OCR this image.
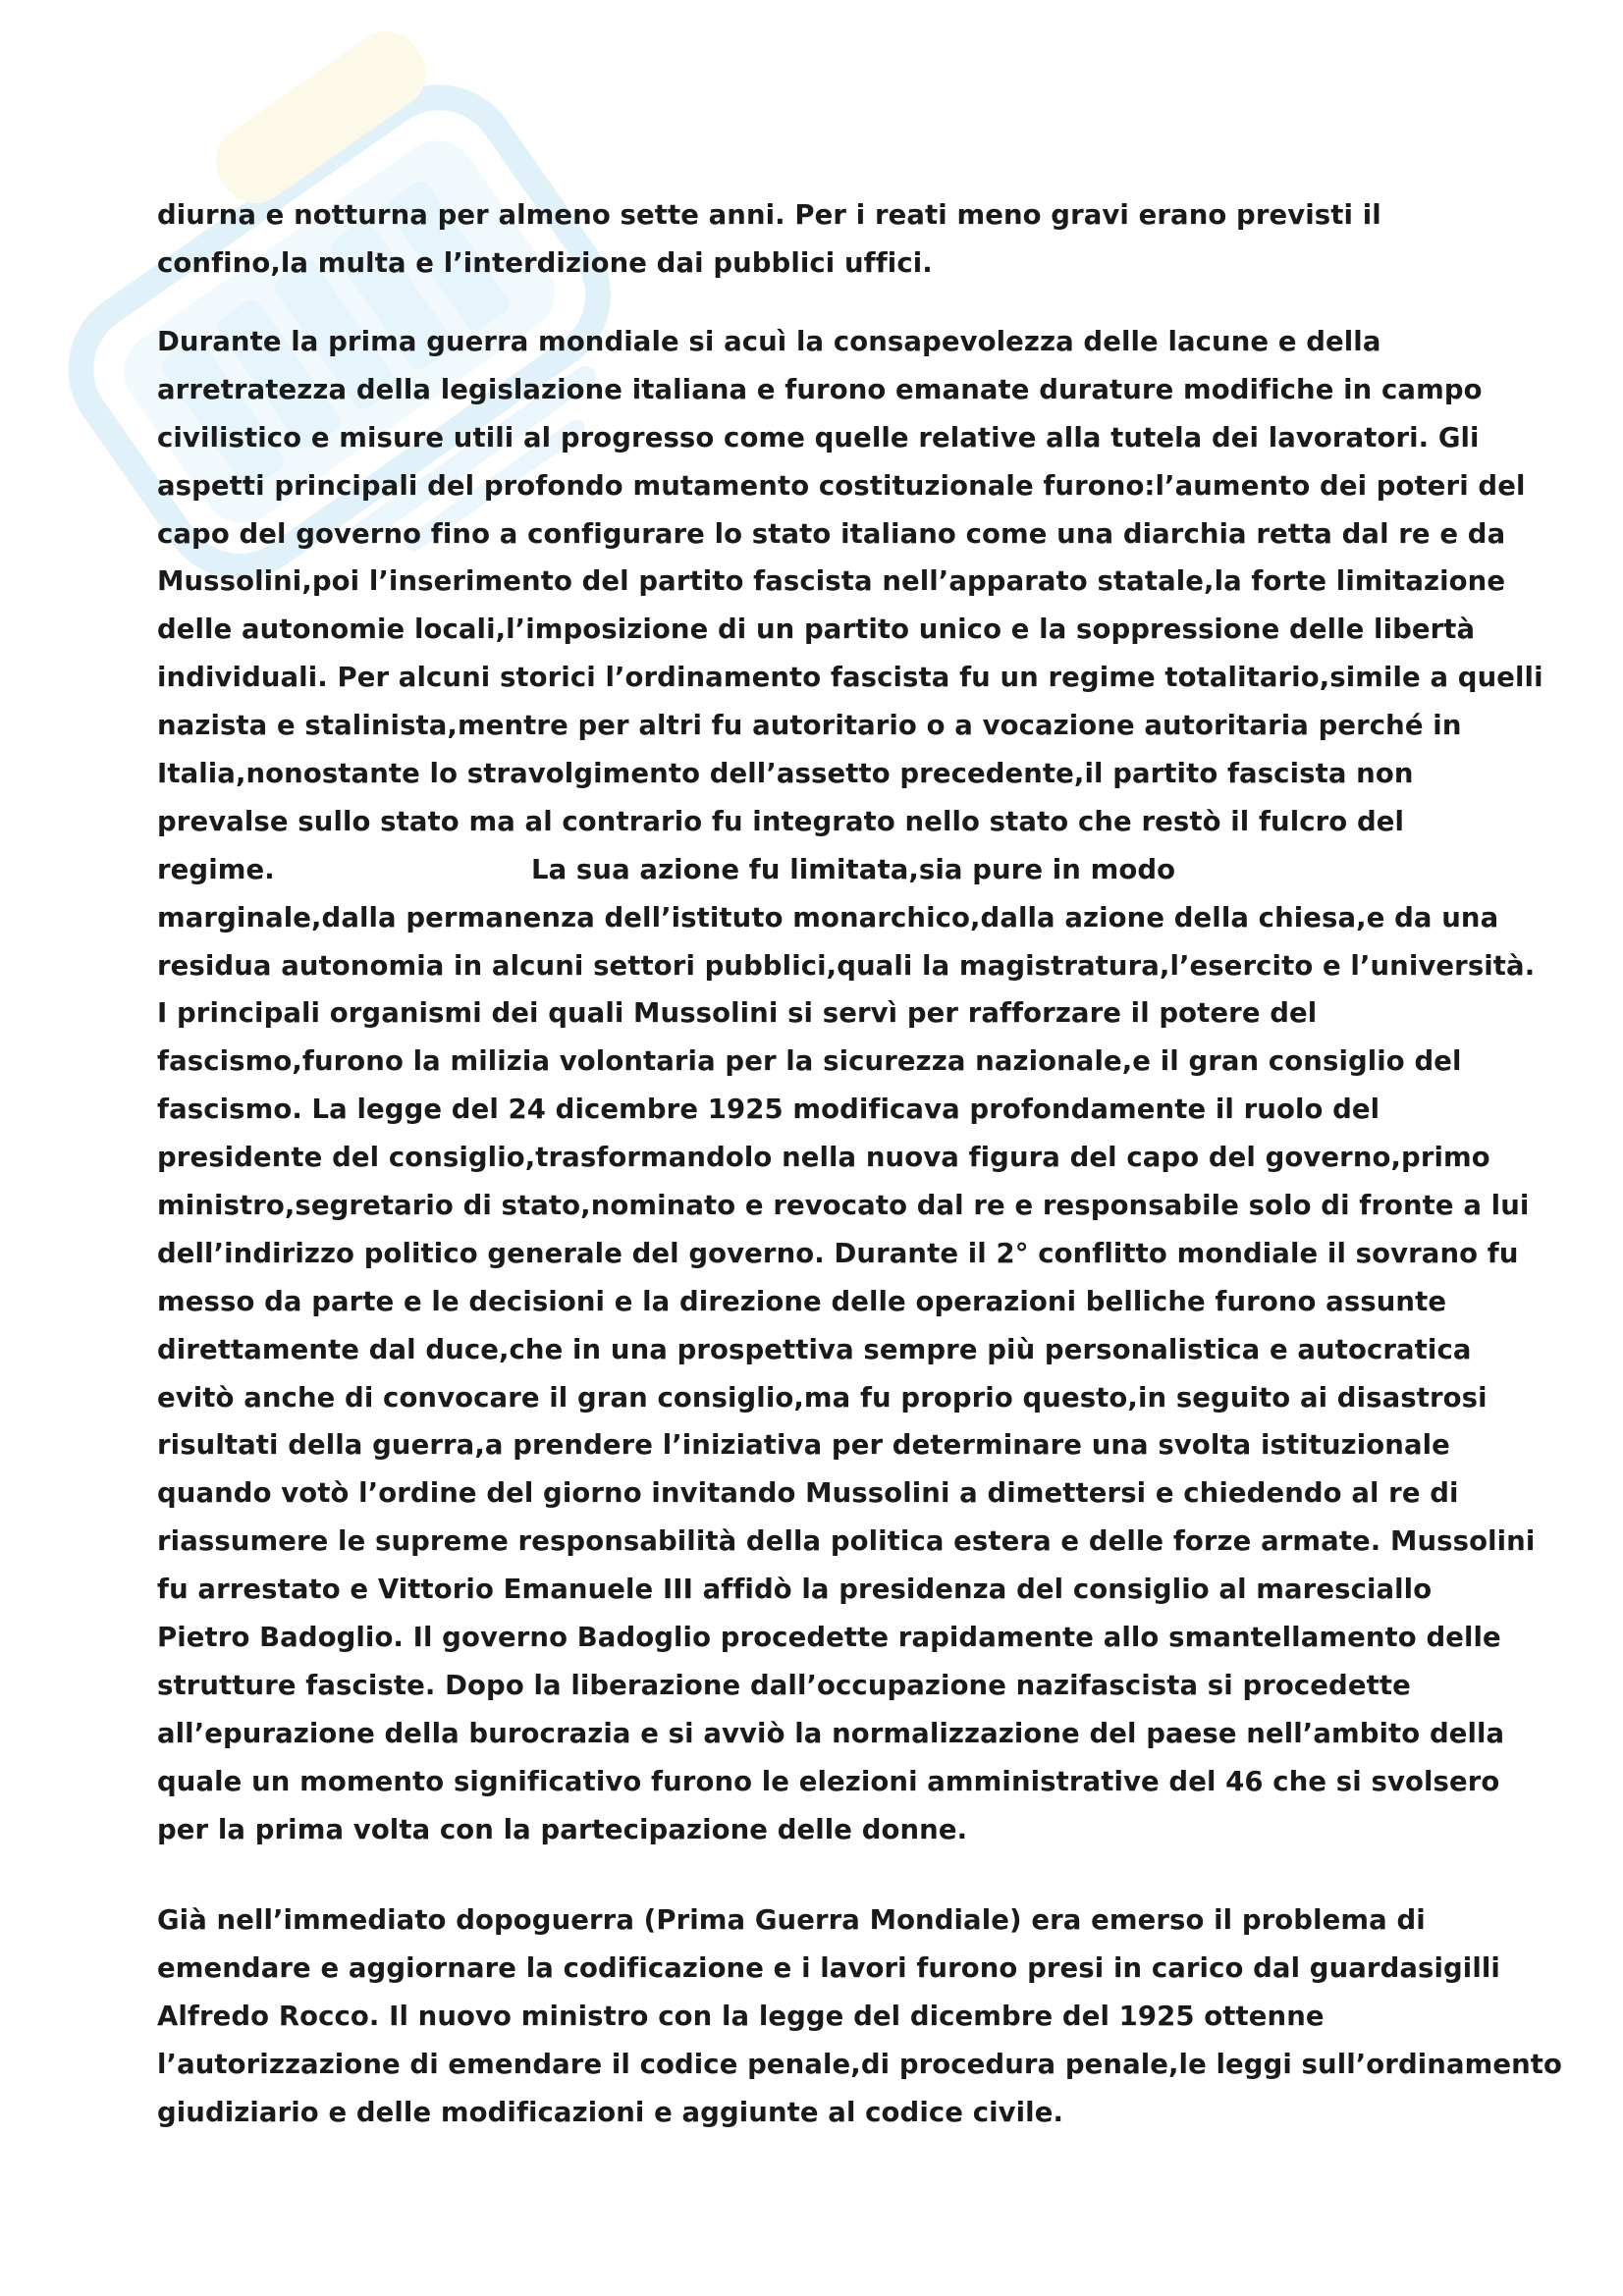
diurna e notturna per almeno sette anni. Per i reati meno gravi erano previsti il
confino,la multa e l’interdizione dai pubblici uffici.
Durante la prima guerra mondiale si acuì la consapevolezza delle lacune e della
arretratezza della legislazione italiana e furono emanate durature modifiche in campo
civilistico e misure utili al progresso come quelle relative alla tutela dei lavoratori. Gli
aspetti principali del profondo mutamento costituzionale furono:l’aumento dei poteri del
capo del governo fino a configurare lo stato italiano come una diarchia retta dal re e da
Mussolini,poi l’inserimento del partito fascista nell’apparato statale,la forte limitazione
delle autonomie locali,l’imposizione di un partito unico e la soppressione delle libertà
individuali. Per alcuni storici l’ordinamento fascista fu un regime totalitario,simile a quelli
nazista e stalinista,mentre per altri fu autoritario o a vocazione autoritaria perché in
Italia,nonostante lo stravolgimento dell’assetto precedente,il partito fascista non
prevalse sullo stato ma al contrario fu integrato nello stato che restò il fulcro del
regime.                           La sua azione fu limitata,sia pure in modo
marginale,dalla permanenza dell’istituto monarchico,dalla azione della chiesa,e da una
residua autonomia in alcuni settori pubblici,quali la magistratura,l’esercito e l’università.
I principali organismi dei quali Mussolini si servì per rafforzare il potere del
fascismo,furono la milizia volontaria per la sicurezza nazionale,e il gran consiglio del
fascismo. La legge del 24 dicembre 1925 modificava profondamente il ruolo del
presidente del consiglio,trasformandolo nella nuova figura del capo del governo,primo
ministro,segretario di stato,nominato e revocato dal re e responsabile solo di fronte a lui
dell’indirizzo politico generale del governo. Durante il 2° conflitto mondiale il sovrano fu
messo da parte e le decisioni e la direzione delle operazioni belliche furono assunte
direttamente dal duce,che in una prospettiva sempre più personalistica e autocratica
evitò anche di convocare il gran consiglio,ma fu proprio questo,in seguito ai disastrosi
risultati della guerra,a prendere l’iniziativa per determinare una svolta istituzionale
quando votò l’ordine del giorno invitando Mussolini a dimettersi e chiedendo al re di
riassumere le supreme responsabilità della politica estera e delle forze armate. Mussolini
fu arrestato e Vittorio Emanuele III affidò la presidenza del consiglio al maresciallo
Pietro Badoglio. Il governo Badoglio procedette rapidamente allo smantellamento delle
strutture fasciste. Dopo la liberazione dall’occupazione nazifascista si procedette
all’epurazione della burocrazia e si avviò la normalizzazione del paese nell’ambito della
quale un momento significativo furono le elezioni amministrative del 46 che si svolsero
per la prima volta con la partecipazione delle donne.
Già nell’immediato dopoguerra (Prima Guerra Mondiale) era emerso il problema di
emendare e aggiornare la codificazione e i lavori furono presi in carico dal guardasigilli
Alfredo Rocco. Il nuovo ministro con la legge del dicembre del 1925 ottenne
l’autorizzazione di emendare il codice penale,di procedura penale,le leggi sull’ordinamento
giudiziario e delle modificazioni e aggiunte al codice civile.
